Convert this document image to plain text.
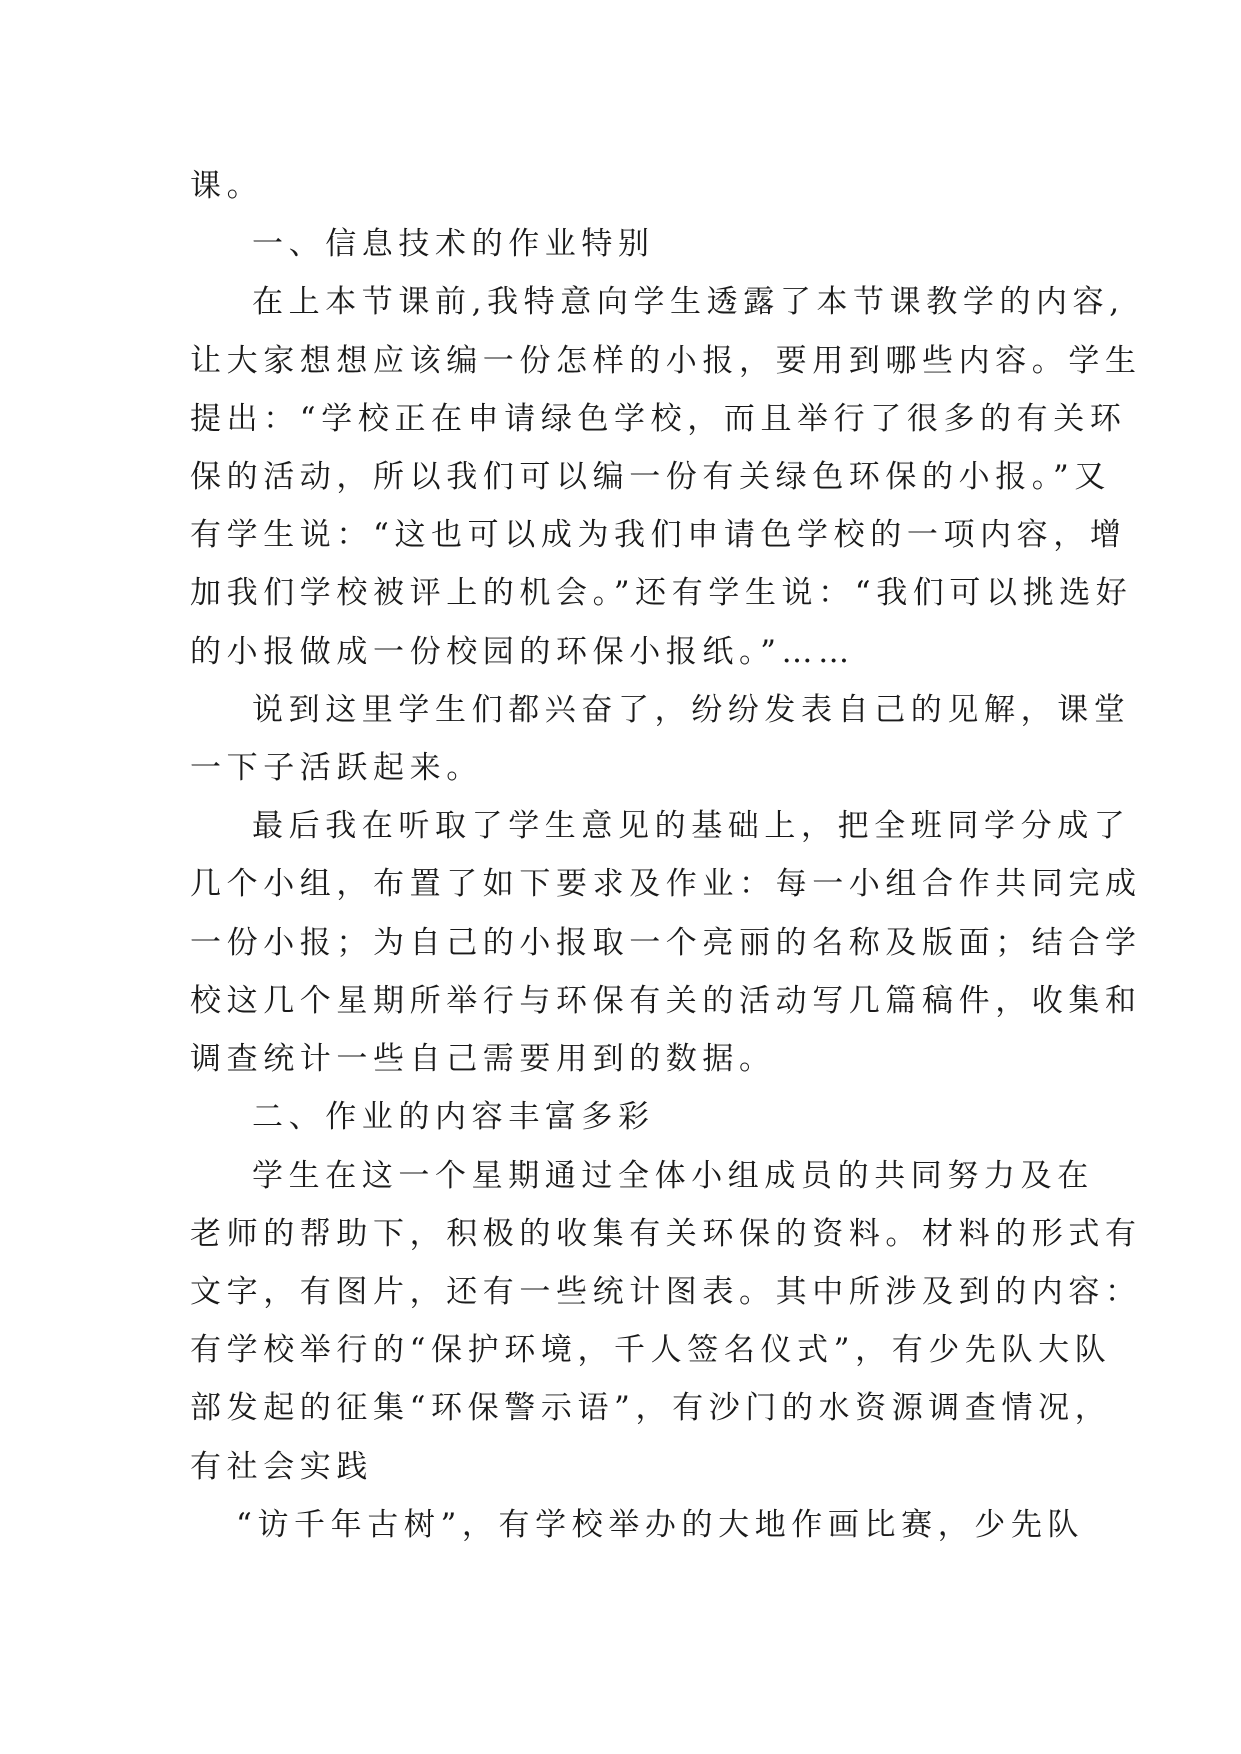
课。
一、信息技术的作业特别
在上本节课前,我特意向学生透露了本节课教学的内容,
让大家想想应该编一份怎样的小报，要用到哪些内容。学生
提出：“学校正在申请绿色学校，而且举行了很多的有关环
保的活动，所以我们可以编一份有关绿色环保的小报。”又
有学生说：“这也可以成为我们申请色学校的一项内容，增
加我们学校被评上的机会。”还有学生说：“我们可以挑选好
的小报做成一份校园的环保小报纸。”……
说到这里学生们都兴奋了，纷纷发表自己的见解，课堂
一下子活跃起来。
最后我在听取了学生意见的基础上，把全班同学分成了
几个小组，布置了如下要求及作业：每一小组合作共同完成
一份小报；为自己的小报取一个亮丽的名称及版面；结合学
校这几个星期所举行与环保有关的活动写几篇稿件，收集和
调查统计一些自己需要用到的数据。
二、作业的内容丰富多彩
学生在这一个星期通过全体小组成员的共同努力及在
老师的帮助下，积极的收集有关环保的资料。材料的形式有
文字，有图片，还有一些统计图表。其中所涉及到的内容：
有学校举行的“保护环境，千人签名仪式”，有少先队大队
部发起的征集“环保警示语”，有沙门的水资源调查情况，
有社会实践
“访千年古树”，有学校举办的大地作画比赛，少先队
